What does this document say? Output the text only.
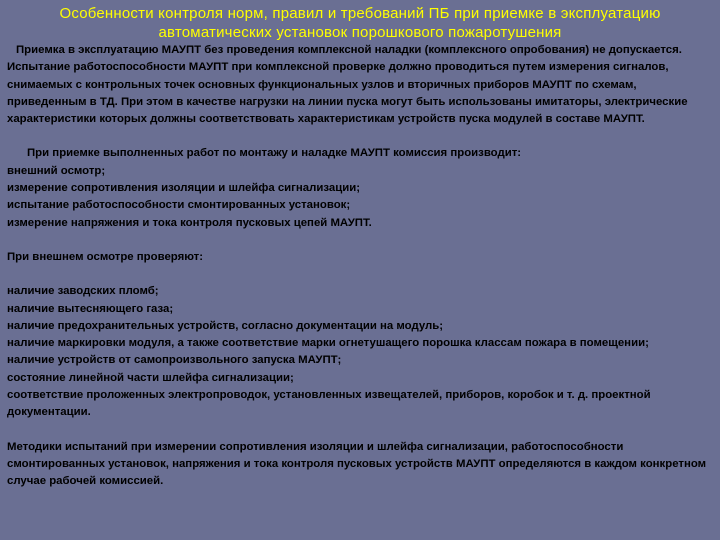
Особенности контроля норм, правил и требований ПБ при приемке в эксплуатацию
автоматических установок порошкового пожаротушения

Приемка в эксплуатацию МАУПТ без проведения комплексной наладки (комплексного опробования) не допускается. Испытание работоспособности МАУПТ при комплексной проверке должно проводиться путем измерения сигналов, снимаемых с контрольных точек основных функциональных узлов и вторичных приборов МАУПТ по схемам, приведенным в ТД. При этом в качестве нагрузки на линии пуска могут быть использованы имитаторы, электрические характеристики которых должны соответствовать характеристикам устройств пуска модулей в составе МАУПТ.

При приемке выполненных работ по монтажу и наладке МАУПТ комиссия производит:
внешний осмотр;
измерение сопротивления изоляции и шлейфа сигнализации;
испытание работоспособности смонтированных установок;
измерение напряжения и тока контроля пусковых цепей МАУПТ.
При внешнем осмотре проверяют:
наличие заводских пломб;
наличие вытесняющего газа;
наличие предохранительных устройств, согласно документации на модуль;
наличие маркировки модуля, а также соответствие марки огнетушащего порошка классам пожара в помещении;
наличие устройств от самопроизвольного запуска МАУПТ;
состояние линейной части шлейфа сигнализации;
соответствие проложенных электропроводок, установленных извещателей, приборов, коробок и т. д. проектной документации.

Методики испытаний при измерении сопротивления изоляции и шлейфа сигнализации, работоспособности смонтированных установок, напряжения и тока контроля пусковых устройств МАУПТ определяются в каждом конкретном случае рабочей комиссией.
